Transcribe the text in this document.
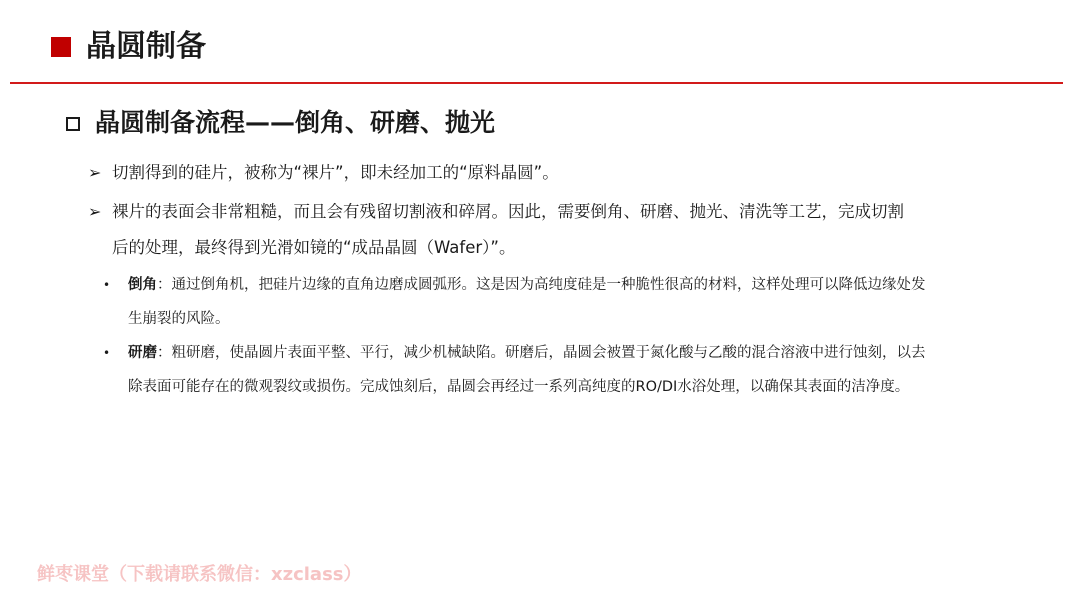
晶圆制备
晶圆制备流程——倒角、研磨、抛光
➢ 切割得到的硅片，被称为“裸片”，即未经加工的“原料晶圆”。
➢ 裸片的表面会非常粗糙，而且会有残留切割液和碎屑。因此，需要倒角、研磨、抛光、清洗等工艺，完成切割
后的处理，最终得到光滑如镜的“成品晶圆（Wafer）”。
• 倒角：通过倒角机，把硅片边缘的直角边磨成圆弧形。这是因为高纯度硅是一种脆性很高的材料，这样处理可以降低边缘处发
生崩裂的风险。
• 研磨：粗研磨，使晶圆片表面平整、平行，减少机械缺陷。研磨后，晶圆会被置于氮化酸与乙酸的混合溶液中进行蚀刻，以去
除表面可能存在的微观裂纹或损伤。完成蚀刻后，晶圆会再经过一系列高纯度的RO/DI水浴处理，以确保其表面的洁净度。
鲜枣课堂（下载请联系微信：xzclass）
